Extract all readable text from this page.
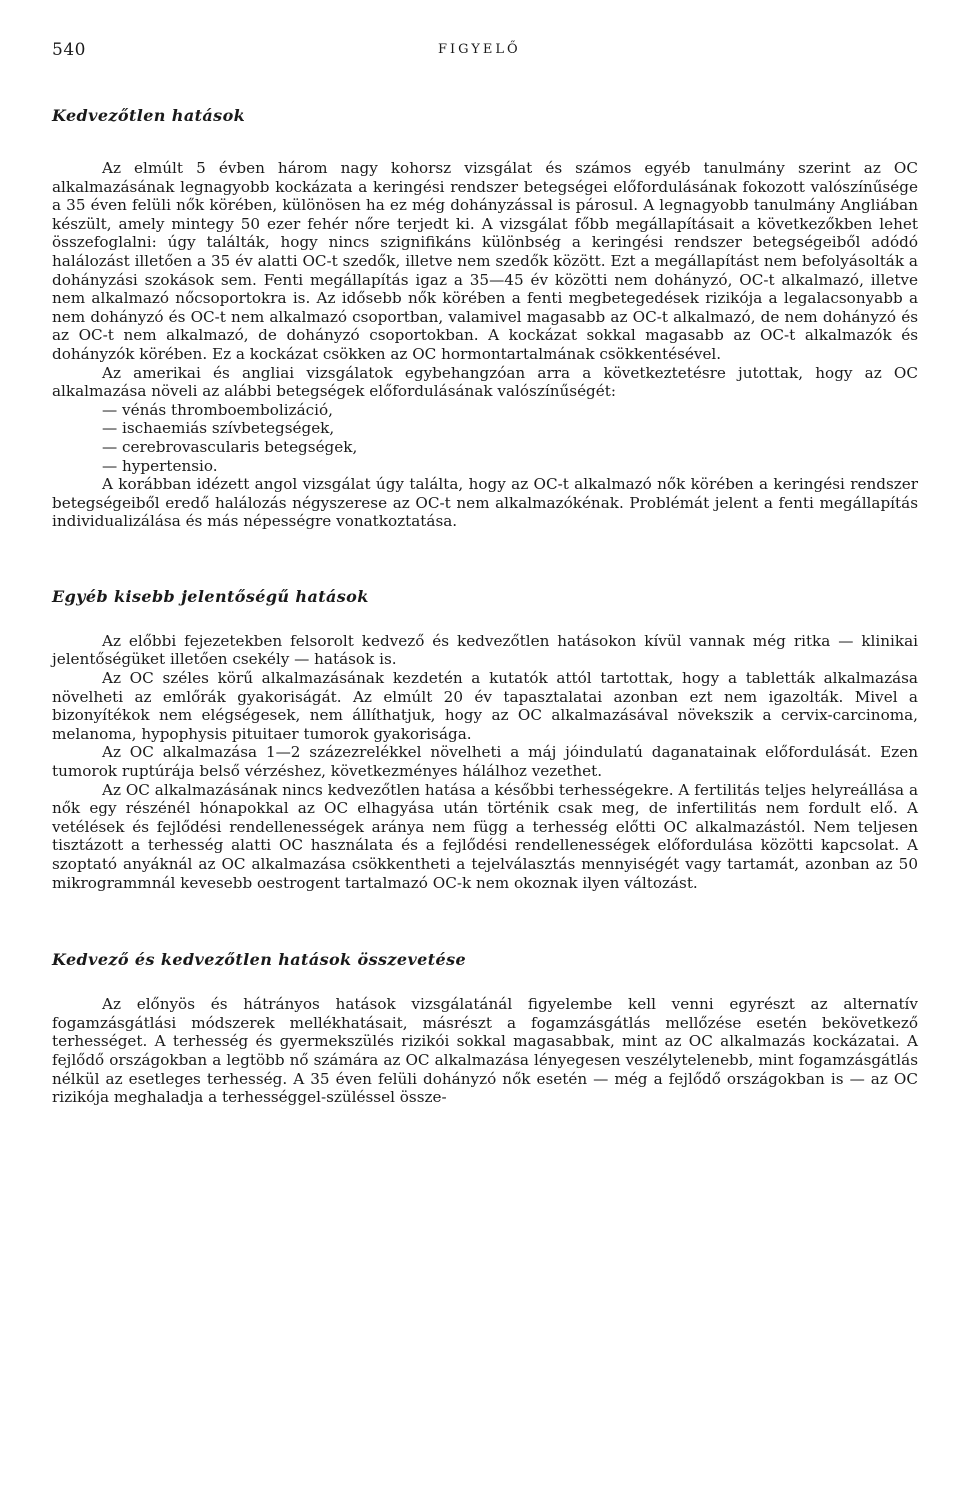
540	FIGYELŐ
Kedvezőtlen hatások

Az elmúlt 5 évben három nagy kohorsz vizsgálat és számos egyéb tanulmány szerint az OC alkalmazásának legnagyobb kockázata a keringési rendszer betegségei előfordulásának fokozott valószínűsége a 35 éven felüli nők körében, különösen ha ez még dohányzással is párosul. A legnagyobb tanulmány Angliában készült, amely mintegy 50 ezer fehér nőre terjedt ki. A vizsgálat főbb megállapításait a következőkben lehet összefoglalni: úgy találták, hogy nincs szignifikáns különbség a keringési rendszer betegségeiből adódó halálozást illetően a 35 év alatti OC-t szedők, illetve nem szedők között. Ezt a megállapítást nem befolyásolták a dohányzási szokások sem. Fenti megállapítás igaz a 35—45 év közötti nem dohányzó, OC-t alkalmazó, illetve nem alkalmazó nőcsoportokra is. Az idősebb nők körében a fenti megbetegedések rizikója a legalacsonyabb a nem dohányzó és OC-t nem alkalmazó csoportban, valamivel magasabb az OC-t alkalmazó, de nem dohányzó és az OC-t nem alkalmazó, de dohányzó csoportokban. A kockázat sokkal magasabb az OC-t alkalmazók és dohányzók körében. Ez a kockázat csökken az OC hormontartalmának csökkentésével.

Az amerikai és angliai vizsgálatok egybehangzóan arra a következtetésre jutottak, hogy az OC alkalmazása növeli az alábbi betegségek előfordulásának valószínűségét:

— vénás thromboembolizáció,
— ischaemiás szívbetegségek,
— cerebrovascularis betegségek,
— hypertensio.

A korábban idézett angol vizsgálat úgy találta, hogy az OC-t alkalmazó nők körében a keringési rendszer betegségeiből eredő halálozás négyszerese az OC-t nem alkalmazókénak. Problémát jelent a fenti megállapítás individualizálása és más népességre vonatkoztatása.

Egyéb kisebb jelentőségű hatások

Az előbbi fejezetekben felsorolt kedvező és kedvezőtlen hatásokon kívül vannak még ritka — klinikai jelentőségüket illetően csekély — hatások is.

Az OC széles körű alkalmazásának kezdetén a kutatók attól tartottak, hogy a tabletták alkalmazása növelheti az emlőrák gyakoriságát. Az elmúlt 20 év tapasztalatai azonban ezt nem igazolták. Mivel a bizonyítékok nem elégségesek, nem állíthatjuk, hogy az OC alkalmazásával növekszik a cervix-carcinoma, melanoma, hypophysis pituitaer tumorok gyakorisága.

Az OC alkalmazása 1—2 százezrelékkel növelheti a máj jóindulatú daganatainak előfordulását. Ezen tumorok ruptúrája belső vérzéshez, következményes hálálhoz vezethet.

Az OC alkalmazásának nincs kedvezőtlen hatása a későbbi terhességekre. A fertilitás teljes helyreállása a nők egy részénél hónapokkal az OC elhagyása után történik csak meg, de infertilitás nem fordult elő. A vetélések és fejlődési rendellenességek aránya nem függ a terhesség előtti OC alkalmazástól. Nem teljesen tisztázott a terhesség alatti OC használata és a fejlődési rendellenességek előfordulása közötti kapcsolat. A szoptató anyáknál az OC alkalmazása csökkentheti a tejelválasztás mennyiségét vagy tartamát, azonban az 50 mikrogrammnál kevesebb oestrogent tartalmazó OC-k nem okoznak ilyen változást.

Kedvező és kedvezőtlen hatások összevetése

Az előnyös és hátrányos hatások vizsgálatánál figyelembe kell venni egyrészt az alternatív fogamzásgátlási módszerek mellékhatásait, másrészt a fogamzásgátlás mellőzése esetén bekövetkező terhességet. A terhesség és gyermekszülés rizikói sokkal magasabbak, mint az OC alkalmazás kockázatai. A fejlődő országokban a legtöbb nő számára az OC alkalmazása lényegesen veszélytelenebb, mint fogamzásgátlás nélkül az esetleges terhesség. A 35 éven felüli dohányzó nők esetén — még a fejlődő országokban is — az OC rizikója meghaladja a terhességgel-szüléssel össze-
